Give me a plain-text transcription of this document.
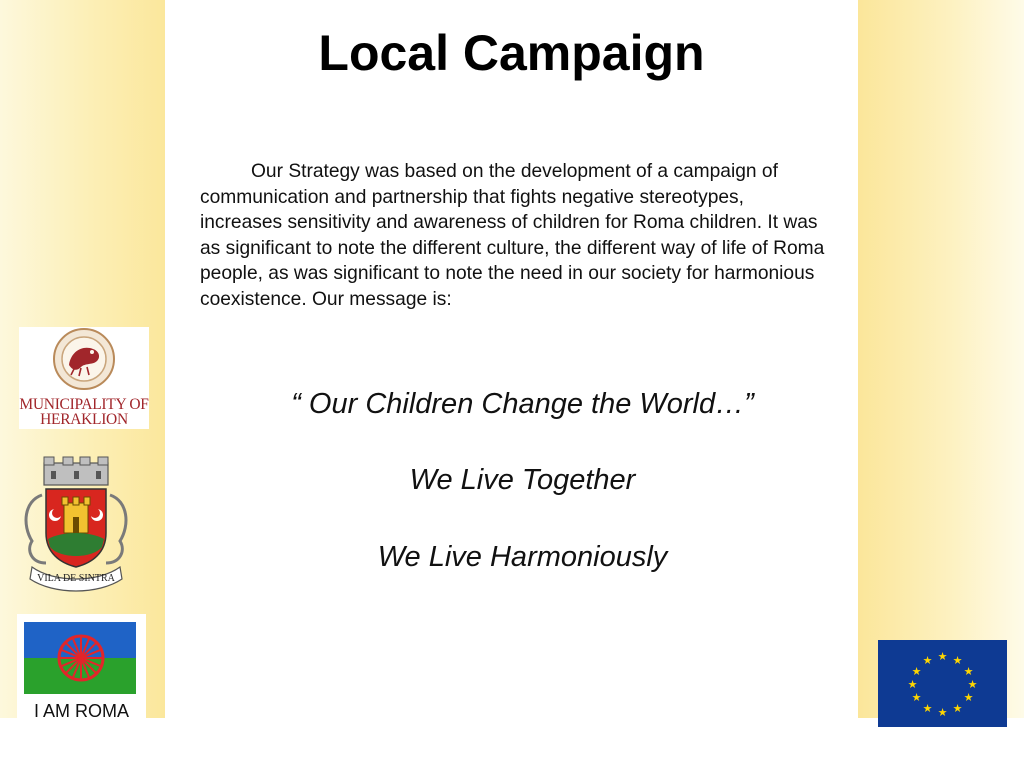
Local Campaign

Our Strategy was based on the development of a campaign of communication and partnership that fights negative stereotypes, increases sensitivity and awareness of children for Roma children. It was as significant to note the different culture, the different way of life of Roma people, as was significant to note the need in our society for harmonious coexistence. Our message is:

“ Our Children Change the World…”

We Live Together

We Live Harmoniously

MUNICIPALITY OF
HERAKLION
VILA DE SINTRA
I AM ROMA
★ ★
★
★
★
★
★
★
★
★
★
★
